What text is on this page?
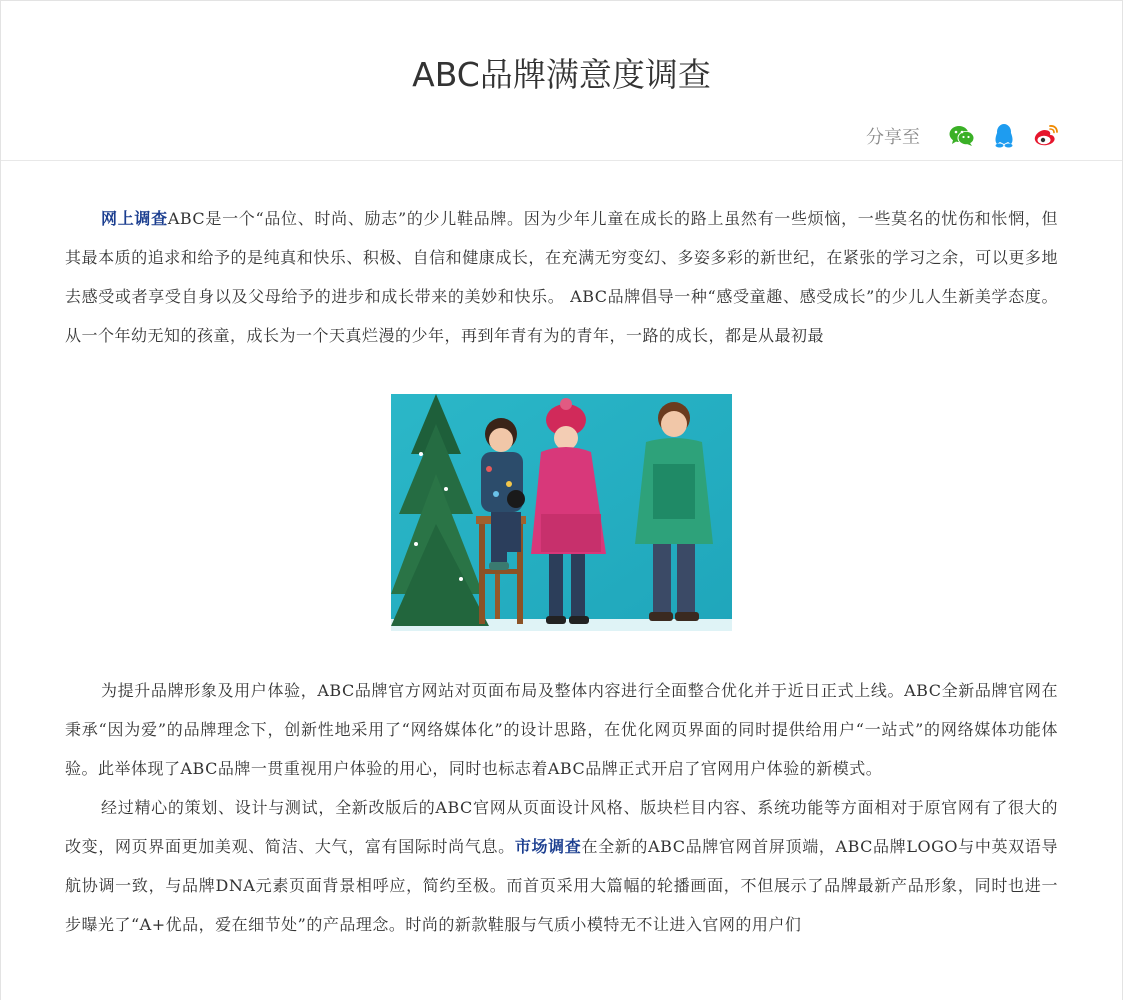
ABC品牌满意度调查
分享至

网上调查ABC是一个“品位、时尚、励志”的少儿鞋品牌。因为少年儿童在成长的路上虽然有一些烦恼，一些莫名的忧伤和怅惘，但其最本质的追求和给予的是纯真和快乐、积极、自信和健康成长，在充满无穷变幻、多姿多彩的新世纪，在紧张的学习之余，可以更多地去感受或者享受自身以及父母给予的进步和成长带来的美妙和快乐。 ABC品牌倡导一种“感受童趣、感受成长”的少儿人生新美学态度。 从一个年幼无知的孩童，成长为一个天真烂漫的少年，再到年青有为的青年，一路的成长，都是从最初最

为提升品牌形象及用户体验，ABC品牌官方网站对页面布局及整体内容进行全面整合优化并于近日正式上线。ABC全新品牌官网在秉承“因为爱”的品牌理念下，创新性地采用了“网络媒体化”的设计思路，在优化网页界面的同时提供给用户“一站式”的网络媒体功能体验。此举体现了ABC品牌一贯重视用户体验的用心，同时也标志着ABC品牌正式开启了官网用户体验的新模式。

经过精心的策划、设计与测试，全新改版后的ABC官网从页面设计风格、版块栏目内容、系统功能等方面相对于原官网有了很大的改变，网页界面更加美观、简洁、大气，富有国际时尚气息。市场调查在全新的ABC品牌官网首屏顶端，ABC品牌LOGO与中英双语导航协调一致，与品牌DNA元素页面背景相呼应，简约至极。而首页采用大篇幅的轮播画面，不但展示了品牌最新产品形象，同时也进一步曝光了“A+优品，爱在细节处”的产品理念。时尚的新款鞋服与气质小模特无不让进入官网的用户们
